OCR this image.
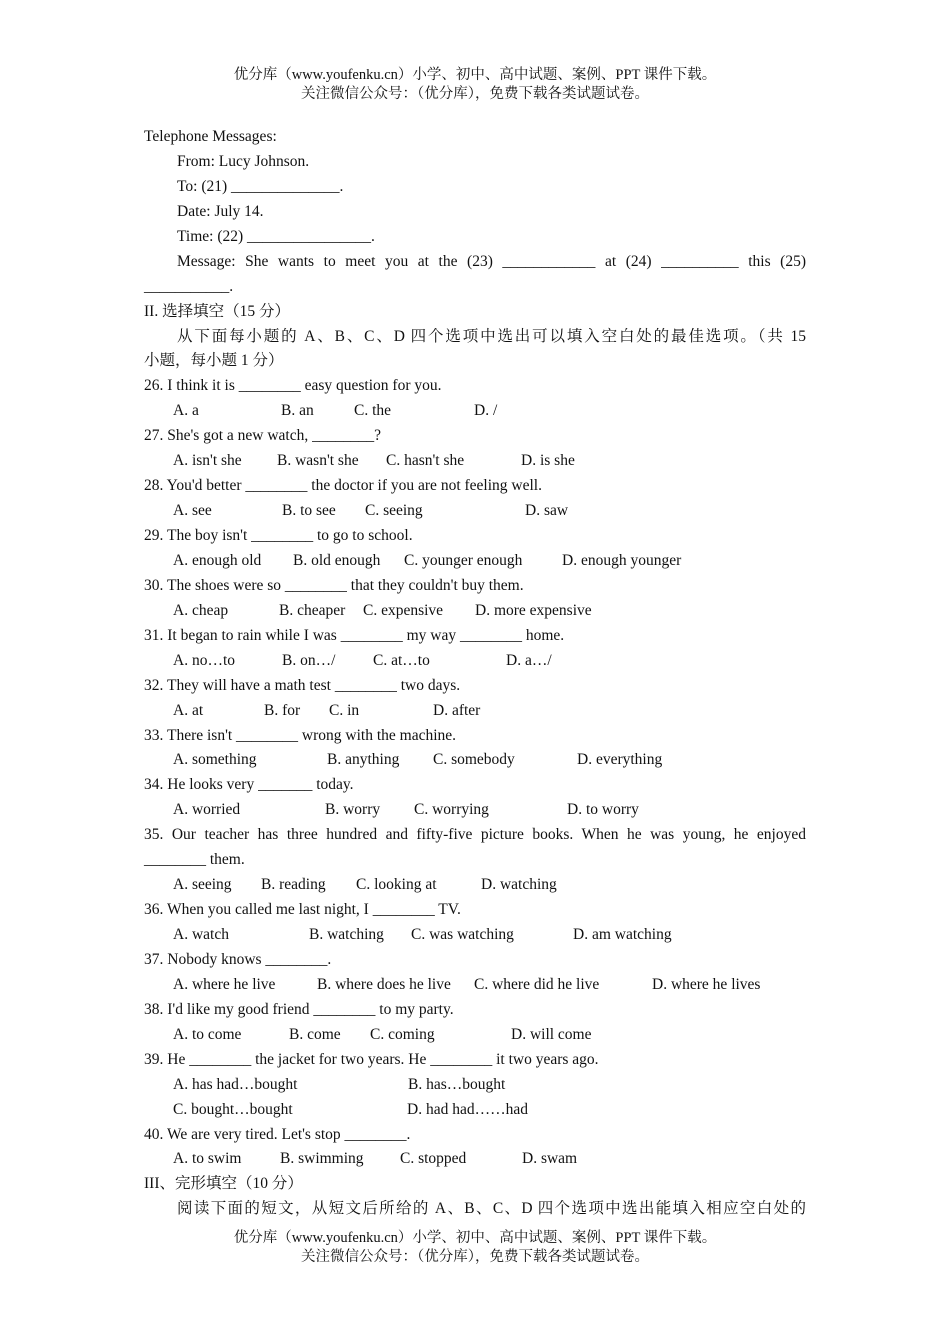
优分库（www.youfenku.cn）小学、初中、高中试题、案例、PPT 课件下载。
关注微信公众号：（优分库），免费下载各类试题试卷。
Telephone Messages:
From: Lucy Johnson.
To: (21) ______________.
Date: July 14.
Time: (22) ________________.
Message: She wants to meet you at the (23) ____________ at (24) __________ this (25)
___________.
II. 选择填空（15 分）
从下面每小题的 A、B、C、D 四个选项中选出可以填入空白处的最佳选项。（共 15
小题，每小题 1 分）
26. I think it is ________ easy question for you.
A. a	B. an	C. the	D. /
27. She's got a new watch, ________?
A. isn't she B. wasn't she C. hasn't she	D. is she
28. You'd better ________ the doctor if you are not feeling well.
A. see	B. to see C. seeing	D. saw
29. The boy isn't ________ to go to school.
A. enough old B. old enough C. younger enough	D. enough younger
30. The shoes were so ________ that they couldn't buy them.
A. cheap	B. cheaper C. expensive D. more expensive
31. It began to rain while I was ________ my way ________ home.
A. no…to	B. on…/ C. at…to	D. a…/
32. They will have a math test ________ two days.
A. at	B. for C. in	D. after
33. There isn't ________ wrong with the machine.
A. something	B. anything C. somebody	D. everything
34. He looks very _______ today.
A. worried	B. worry C. worrying	D. to worry
35. Our teacher has three hundred and fifty-five picture books. When he was young, he enjoyed
________ them.
A. seeing B. reading C. looking at	D. watching
36. When you called me last night, I ________ TV.
A. watch	B. watching C. was watching	D. am watching
37. Nobody knows ________.
A. where he live	B. where does he live C. where did he live	D. where he lives
38. I'd like my good friend ________ to my party.
A. to come	B. come C. coming	D. will come
39. He ________ the jacket for two years. He ________ it two years ago.
A. has had…bought	B. has…bought
C. bought…bought	D. had had……had
40. We are very tired. Let's stop ________.
A. to swim B. swimming C. stopped	D. swam
III、完形填空（10 分）
阅读下面的短文，从短文后所给的 A、B、C、D 四个选项中选出能填入相应空白处的
优分库（www.youfenku.cn）小学、初中、高中试题、案例、PPT 课件下载。
关注微信公众号：（优分库），免费下载各类试题试卷。
